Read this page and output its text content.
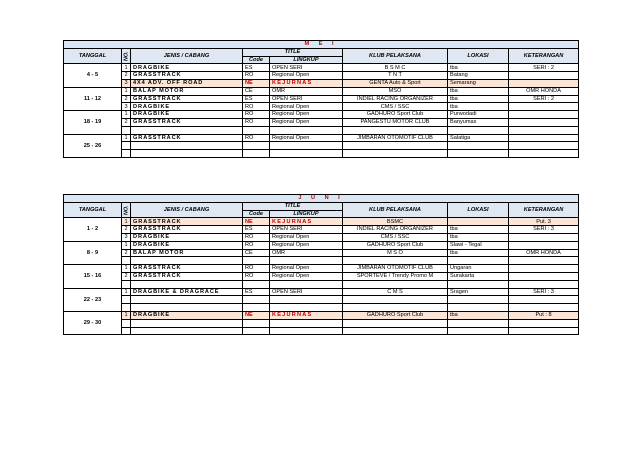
M E I							
TANGGAL	NO.	JENIS / CABANG	TITLE		KLUB PELAKSANA	LOKASI	KETERANGAN
			Code	LINGKUP			
4 - 5	1	DRAGBIKE	ES	OPEN SERI	B S M C	tba	SERI : 2
	2	GRASSTRACK	RO	Regional Open	T N T	Batang	
	3	4X4 ADV. OFF ROAD	NE	KEJURNAS	GENTA Auto & Sport	Semarang	
11 - 12	1	BALAP MOTOR	CE	OMR	MSO	tba	OMR HONDA
	2	GRASSTRACK	ES	OPEN SERI	INDIEL RACING ORGANIZER	tba	SERI : 2
	3	DRAGBIKE	RO	Regional Open	CMS / SSC	tba	
18 - 19	1	DRAGBIKE	RO	Regional Open	GADHURO Sport Club	Purwodadi	
	2	GRASSTRACK	RO	Regional Open	PANGESTU MOTOR CLUB	Banyumas	

25 - 26	1	GRASSTRACK	RO	Regional Open	JIMBARAN OTOMOTIF CLUB	Salatiga	

J U N I							
TANGGAL	NO.	JENIS / CABANG	TITLE		KLUB PELAKSANA	LOKASI	KETERANGAN
			Code	LINGKUP			
1 - 2	1	GRASSTRACK	NE	KEJURNAS	BSMC		Put. 3
	2	GRASSTRACK	ES	OPEN SERI	INDIEL RACING ORGANIZER	tba	SERI : 3
	3	DRAGBIKE	RO	Regional Open	CMS / SSC	tba	
8 - 9	1	DRAGBIKE	RO	Regional Open	GADHURO Sport Club	Slawi - Tegal	
	2	BALAP MOTOR	CE	OMR	M S O	tba	OMR HONDA

15 - 16	1	GRASSTRACK	RO	Regional Open	JIMBARAN OTOMOTIF CLUB	Ungaran	
	2	GRASSTRACK	RO	Regional Open	SPORTEVE / Trendy Promo M	Surakarta	

22 - 23	1	DRAGBIKE & DRAGRACE	ES	OPEN SERI	C M S	Sragen	SERI : 3

29 - 30	1	DRAGBIKE	NE	KEJURNAS	GADHURO Sport Club	tba	Put : 8
